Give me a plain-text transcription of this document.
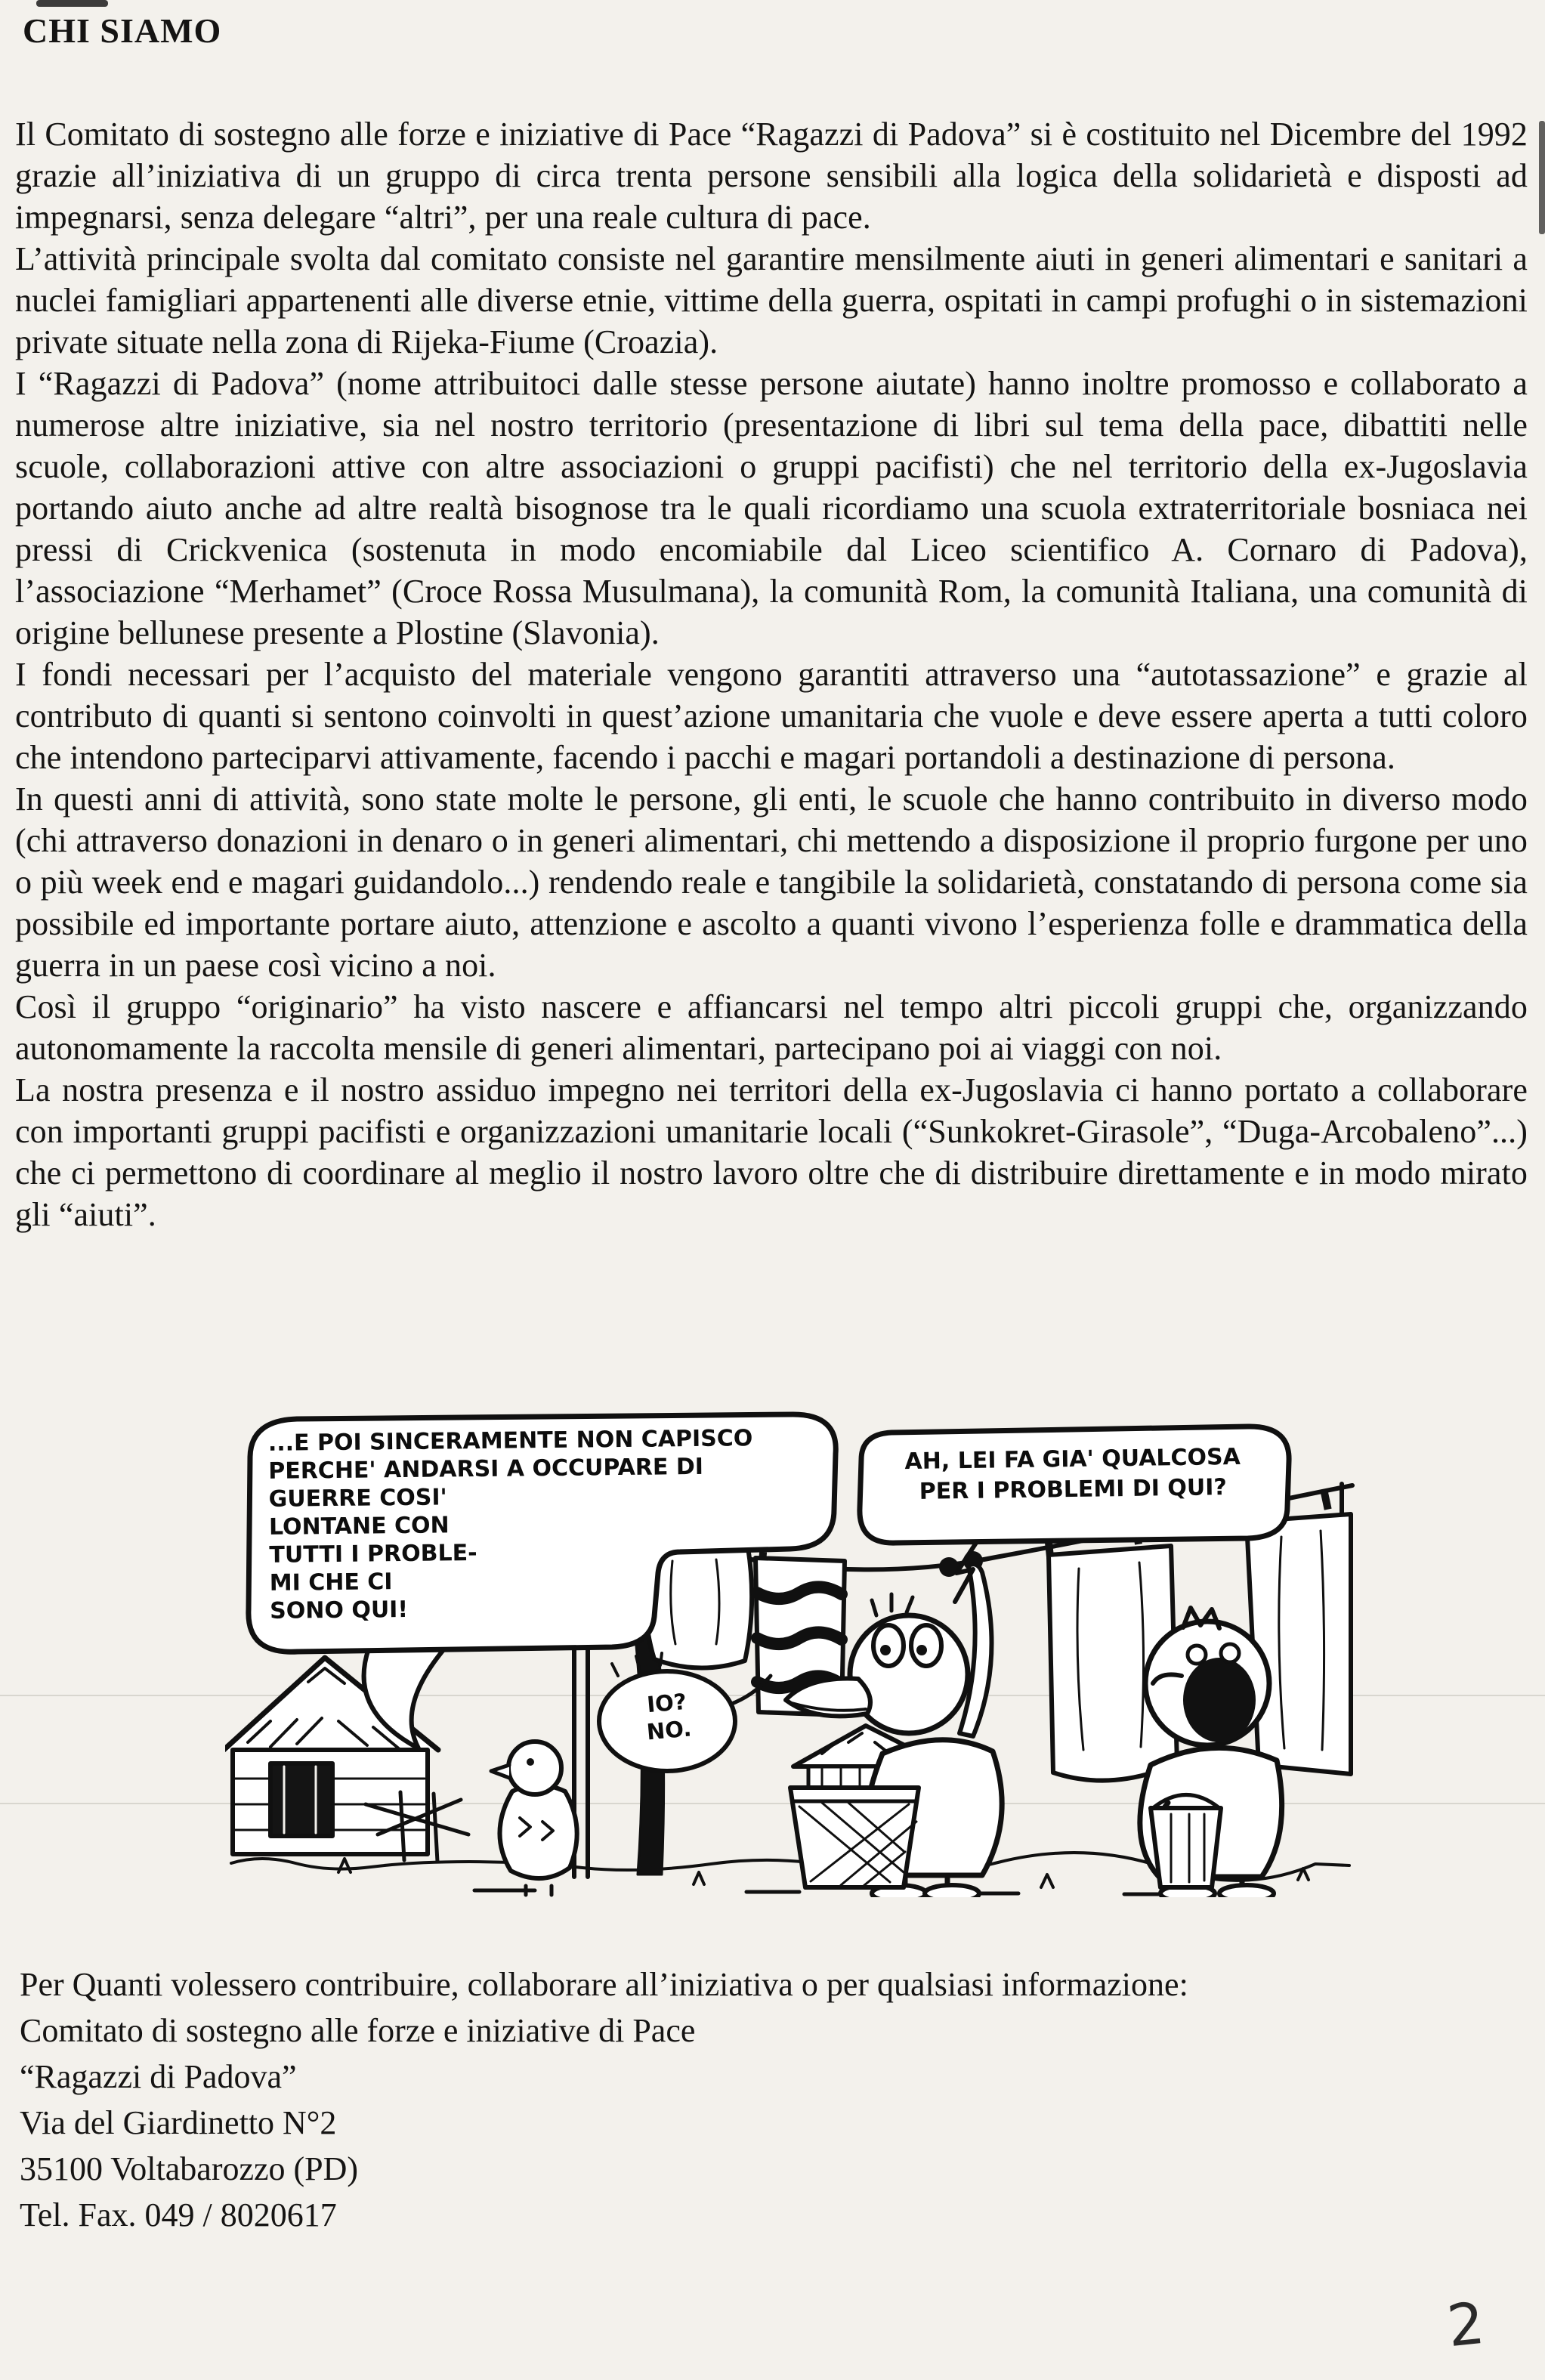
CHI SIAMO

Il Comitato di sostegno alle forze e iniziative di Pace “Ragazzi di Padova” si è costituito nel Dicembre del 1992 grazie all’iniziativa di un gruppo di circa trenta persone sensibili alla logica della solidarietà e disposti ad impegnarsi, senza delegare “altri”, per una reale cultura di pace.

L’attività principale svolta dal comitato consiste nel garantire mensilmente aiuti in generi alimentari e sanitari a nuclei famigliari appartenenti alle diverse etnie, vittime della guerra, ospitati in campi profughi o in sistemazioni private situate nella zona di Rijeka-Fiume (Croazia).

I “Ragazzi di Padova” (nome attribuitoci dalle stesse persone aiutate) hanno inoltre promosso e collaborato a numerose altre iniziative, sia nel nostro territorio (presentazione di libri sul tema della pace, dibattiti nelle scuole, collaborazioni attive con altre associazioni o gruppi pacifisti) che nel territorio della ex-Jugoslavia portando aiuto anche ad altre realtà bisognose tra le quali ricordiamo una scuola extraterritoriale bosniaca nei pressi di Crickvenica (sostenuta in modo encomiabile dal Liceo scientifico A. Cornaro di Padova), l’associazione “Merhamet” (Croce Rossa Musulmana), la comunità Rom, la comunità Italiana, una comunità di origine bellunese presente a Plostine (Slavonia).

I fondi necessari per l’acquisto del materiale vengono garantiti attraverso una “autotassazione” e grazie al contributo di quanti si sentono coinvolti in quest’azione umanitaria che vuole e deve essere aperta a tutti coloro che intendono parteciparvi attivamente, facendo i pacchi e magari portandoli a destinazione di persona.

In questi anni di attività, sono state molte le persone, gli enti, le scuole che hanno contribuito in diverso modo (chi attraverso donazioni in denaro o in generi alimentari, chi mettendo a disposizione il proprio furgone per uno o più week end e magari guidandolo...) rendendo reale e tangibile la solidarietà, constatando di persona come sia possibile ed importante portare aiuto, attenzione e ascolto a quanti vivono l’esperienza folle e drammatica della guerra in un paese così vicino a noi.

Così il gruppo “originario” ha visto nascere e affiancarsi nel tempo altri piccoli gruppi che, organizzando autonomamente la raccolta mensile di generi alimentari, partecipano poi ai viaggi con noi.

La nostra presenza e il nostro assiduo impegno nei territori della ex-Jugoslavia ci hanno portato a collaborare con importanti gruppi pacifisti e organizzazioni umanitarie locali (“Sunkokret-Girasole”, “Duga-Arcobaleno”...) che ci permettono di coordinare al meglio il nostro lavoro oltre che di distribuire direttamente e in modo mirato gli “aiuti”.

...E POI SINCERAMENTE NON CAPISCO
PERCHE' ANDARSI A OCCUPARE DI
GUERRE COSI'
LONTANE CON
TUTTI I PROBLE-
MI CHE CI
SONO QUI!
AH, LEI FA GIA' QUALCOSA
PER I PROBLEMI DI QUI?
IO?
NO.
Per Quanti volessero contribuire, collaborare all’iniziativa o per qualsiasi informazione:
Comitato di sostegno alle forze e iniziative di Pace
“Ragazzi di Padova”
Via del Giardinetto N°2
35100 Voltabarozzo (PD)
Tel. Fax. 049 / 8020617
2
